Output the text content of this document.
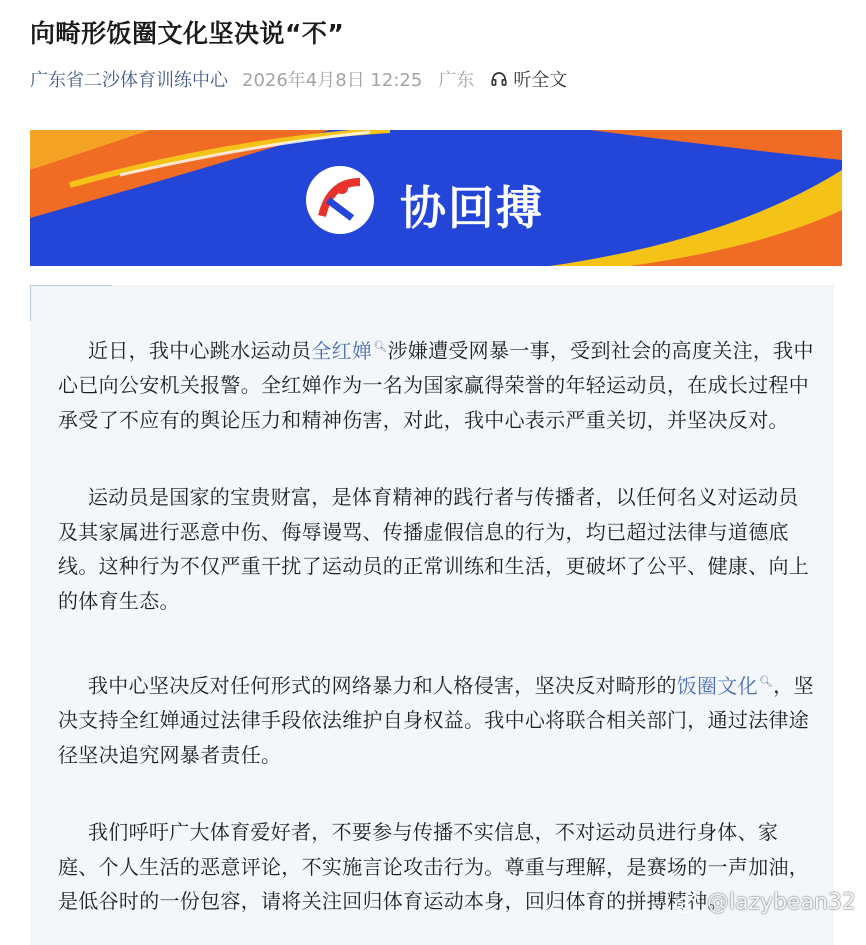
向畸形饭圈文化坚决说“不”
广东省二沙体育训练中心 2026年4月8日 12:25 广东 听全文
协回搏

近日，我中心跳水运动员全红婵🔍︎涉嫌遭受网暴一事，受到社会的高度关注，我中
心已向公安机关报警。全红婵作为一名为国家赢得荣誉的年轻运动员，在成长过程中
承受了不应有的舆论压力和精神伤害，对此，我中心表示严重关切，并坚决反对。

运动员是国家的宝贵财富，是体育精神的践行者与传播者，以任何名义对运动员
及其家属进行恶意中伤、侮辱谩骂、传播虚假信息的行为，均已超过法律与道德底
线。这种行为不仅严重干扰了运动员的正常训练和生活，更破坏了公平、健康、向上
的体育生态。

我中心坚决反对任何形式的网络暴力和人格侵害，坚决反对畸形的饭圈文化🔍︎，坚
决支持全红婵通过法律手段依法维护自身权益。我中心将联合相关部门，通过法律途
径坚决追究网暴者责任。

我们呼吁广大体育爱好者，不要参与传播不实信息，不对运动员进行身体、家
庭、个人生活的恶意评论，不实施言论攻击行为。尊重与理解，是赛场的一声加油，
是低谷时的一份包容，请将关注回归体育运动本身，回归体育的拼搏精神。

@lazybean32
